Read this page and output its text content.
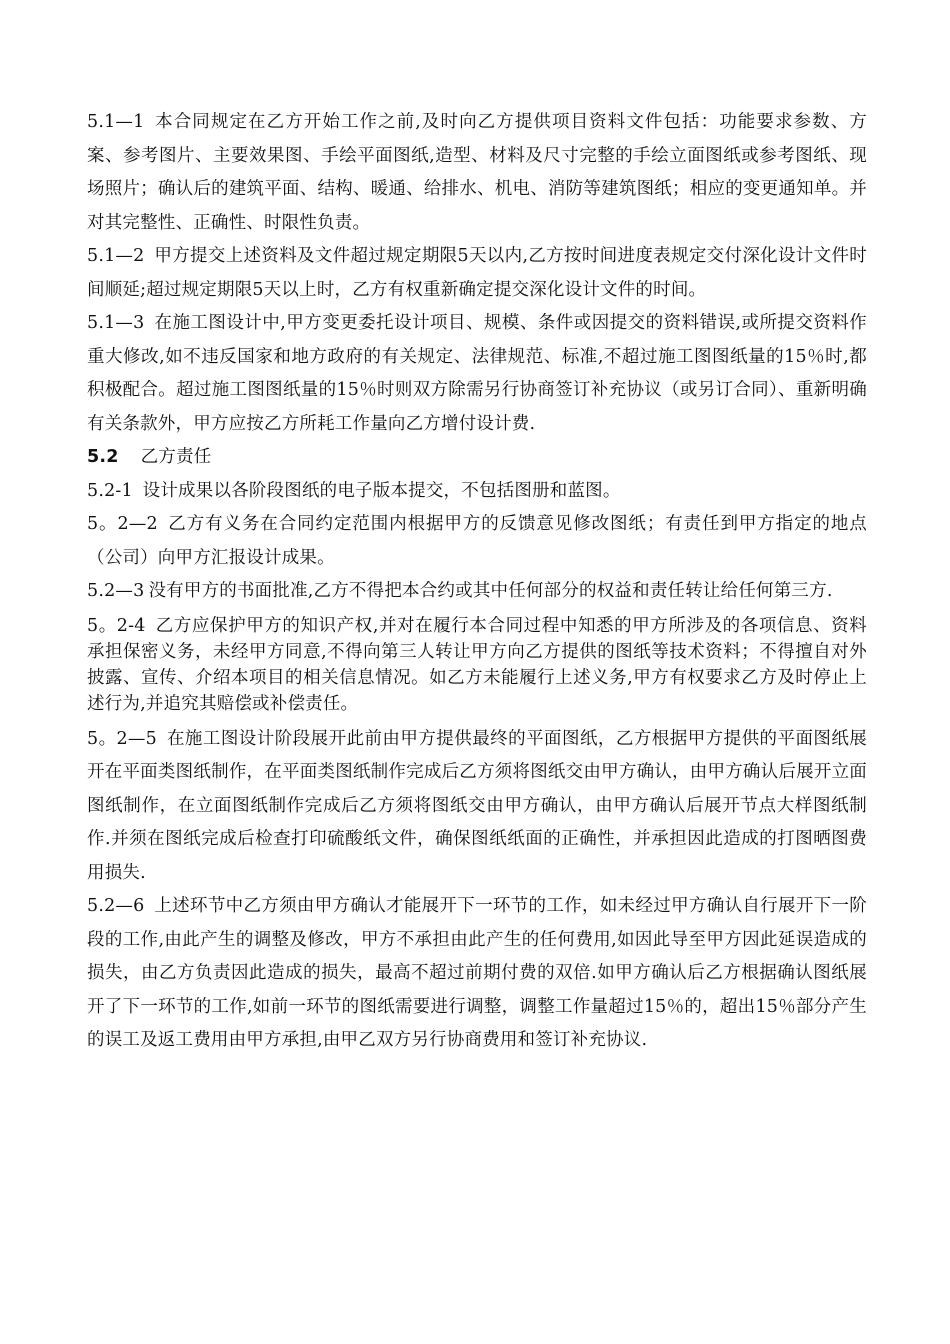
5.1—1 本合同规定在乙方开始工作之前,及时向乙方提供项目资料文件包括：功能要求参数、方案、参考图片、主要效果图、手绘平面图纸,造型、材料及尺寸完整的手绘立面图纸或参考图纸、现场照片；确认后的建筑平面、结构、暖通、给排水、机电、消防等建筑图纸；相应的变更通知单。并对其完整性、正确性、时限性负责。

5.1—2 甲方提交上述资料及文件超过规定期限5天以内,乙方按时间进度表规定交付深化设计文件时间顺延;超过规定期限5天以上时，乙方有权重新确定提交深化设计文件的时间。

5.1—3 在施工图设计中,甲方变更委托设计项目、规模、条件或因提交的资料错误,或所提交资料作重大修改,如不违反国家和地方政府的有关规定、法律规范、标准,不超过施工图图纸量的15％时,都积极配合。超过施工图图纸量的15％时则双方除需另行协商签订补充协议（或另订合同）、重新明确有关条款外，甲方应按乙方所耗工作量向乙方增付设计费.

5.2 乙方责任

5.2-1 设计成果以各阶段图纸的电子版本提交，不包括图册和蓝图。

5。2—2 乙方有义务在合同约定范围内根据甲方的反馈意见修改图纸；有责任到甲方指定的地点（公司）向甲方汇报设计成果。

5.2—3 没有甲方的书面批准,乙方不得把本合约或其中任何部分的权益和责任转让给任何第三方.

5。2-4 乙方应保护甲方的知识产权,并对在履行本合同过程中知悉的甲方所涉及的各项信息、资料承担保密义务，未经甲方同意,不得向第三人转让甲方向乙方提供的图纸等技术资料；不得擅自对外披露、宣传、介绍本项目的相关信息情况。如乙方未能履行上述义务,甲方有权要求乙方及时停止上述行为,并追究其赔偿或补偿责任。

5。2—5 在施工图设计阶段展开此前由甲方提供最终的平面图纸，乙方根据甲方提供的平面图纸展开在平面类图纸制作，在平面类图纸制作完成后乙方须将图纸交由甲方确认，由甲方确认后展开立面图纸制作，在立面图纸制作完成后乙方须将图纸交由甲方确认，由甲方确认后展开节点大样图纸制作.并须在图纸完成后检查打印硫酸纸文件，确保图纸纸面的正确性，并承担因此造成的打图晒图费用损失.

5.2—6 上述环节中乙方须由甲方确认才能展开下一环节的工作，如未经过甲方确认自行展开下一阶段的工作,由此产生的调整及修改，甲方不承担由此产生的任何费用,如因此导至甲方因此延误造成的损失，由乙方负责因此造成的损失，最高不超过前期付费的双倍.如甲方确认后乙方根据确认图纸展开了下一环节的工作,如前一环节的图纸需要进行调整，调整工作量超过15％的，超出15％部分产生的误工及返工费用由甲方承担,由甲乙双方另行协商费用和签订补充协议.
